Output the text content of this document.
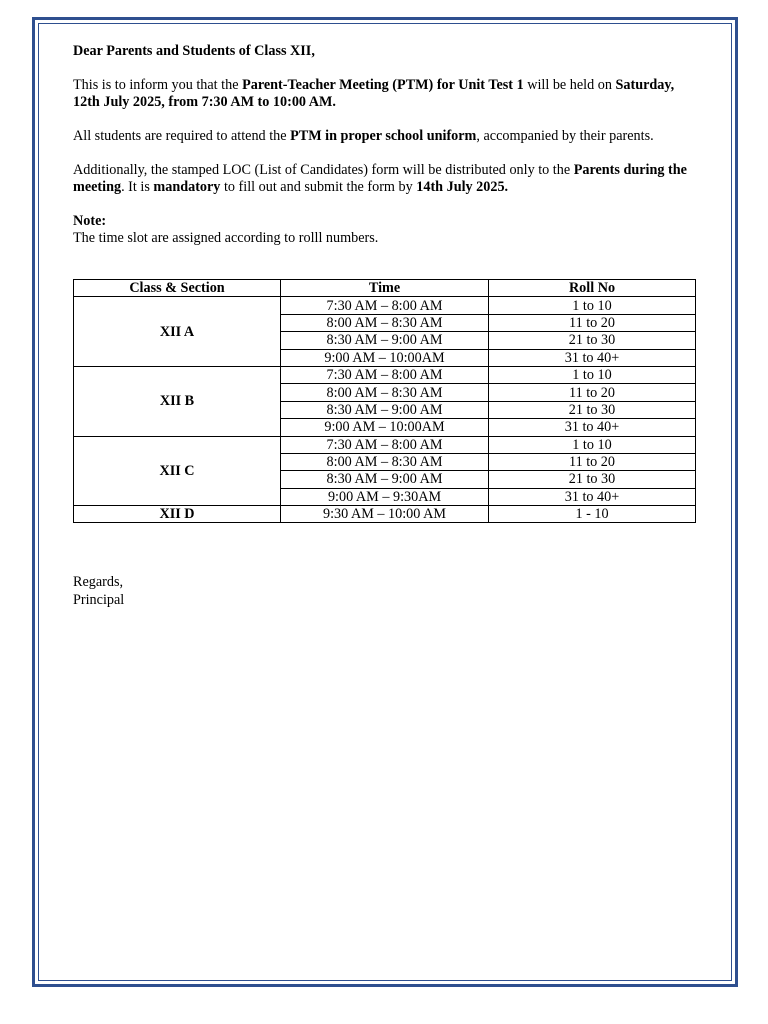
Dear Parents and Students of Class XII,

This is to inform you that the Parent-Teacher Meeting (PTM) for Unit Test 1 will be held on Saturday, 12th July 2025, from 7:30 AM to 10:00 AM.

All students are required to attend the PTM in proper school uniform, accompanied by their parents.

Additionally, the stamped LOC (List of Candidates) form will be distributed only to the Parents during the meeting. It is mandatory to fill out and submit the form by 14th July 2025.

Note:

The time slot are assigned according to rolll numbers.

Class & Section	Time	Roll No
XII A	7:30 AM – 8:00 AM	1 to 10
	8:00 AM – 8:30 AM	11 to 20
	8:30 AM – 9:00 AM	21 to 30
	9:00 AM – 10:00AM	31 to 40+
XII B	7:30 AM – 8:00 AM	1 to 10
	8:00 AM – 8:30 AM	11 to 20
	8:30 AM – 9:00 AM	21 to 30
	9:00 AM – 10:00AM	31 to 40+
XII C	7:30 AM – 8:00 AM	1 to 10
	8:00 AM – 8:30 AM	11 to 20
	8:30 AM – 9:00 AM	21 to 30
	9:00 AM – 9:30AM	31 to 40+
XII D	9:30 AM – 10:00 AM	1 - 10
Regards,
Principal
